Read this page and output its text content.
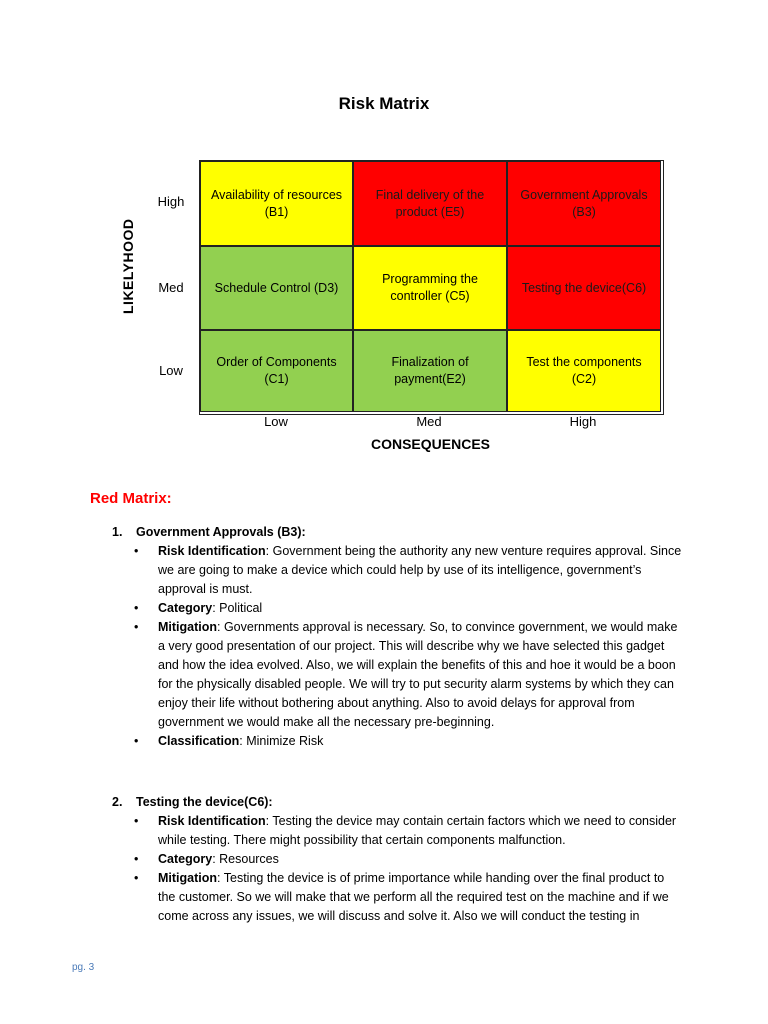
Risk Matrix
LIKELYHOOD
High
Med
Low
Availability of resources (B1)
Final delivery of the product (E5)
Government Approvals (B3)
Schedule Control (D3)
Programming the controller (C5)
Testing the device(C6)
Order of Components (C1)
Finalization of payment(E2)
Test the components (C2)
Low	Med	High
CONSEQUENCES
Red Matrix:
1. Government Approvals (B3):
• Risk Identification: Government being the authority any new venture requires approval. Since we are going to make a device which could help by use of its intelligence, government’s approval is must.
• Category: Political
• Mitigation: Governments approval is necessary. So, to convince government, we would make a very good presentation of our project. This will describe why we have selected this gadget and how the idea evolved. Also, we will explain the benefits of this and hoe it would be a boon for the physically disabled people. We will try to put security alarm systems by which they can enjoy their life without bothering about anything. Also to avoid delays for approval from government we would make all the necessary pre-beginning.
• Classification: Minimize Risk
2. Testing the device(C6):
• Risk Identification: Testing the device may contain certain factors which we need to consider while testing. There might possibility that certain components malfunction.
• Category: Resources
• Mitigation: Testing the device is of prime importance while handing over the final product to the customer. So we will make that we perform all the required test on the machine and if we come across any issues, we will discuss and solve it. Also we will conduct the testing in
pg. 3
